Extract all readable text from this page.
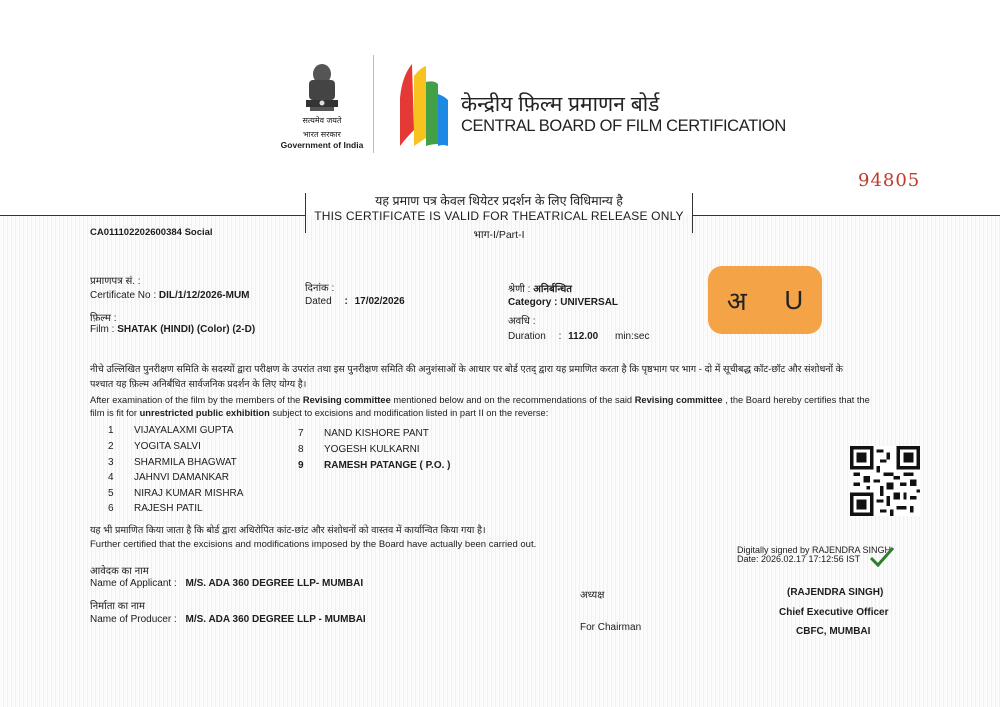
सत्यमेव जयते
भारत सरकार
Government of India
केन्द्रीय फ़िल्म प्रमाणन बोर्ड
CENTRAL BOARD OF FILM CERTIFICATION
94805
यह प्रमाण पत्र केवल थियेटर प्रदर्शन के लिए विधिमान्य है
THIS CERTIFICATE IS VALID FOR THEATRICAL RELEASE ONLY
भाग-I/Part-I
CA011102202600384 Social
प्रमाणपत्र सं. :
Certificate No : DIL/1/12/2026-MUM
फ़िल्म :
Film : SHATAK (HINDI) (Color) (2-D)
दिनांक :
Dated : 17/02/2026
श्रेणी : अनिर्बन्धित
Category : UNIVERSAL
अवधि :
Duration : 112.00 min:sec
अ U
नीचे उल्लिखित पुनरीक्षण समिति के सदस्यों द्वारा परीक्षण के उपरांत तथा इस पुनरीक्षण समिति की अनुशंसाओं के आधार पर बोर्ड एतद् द्वारा यह प्रमाणित करता है कि पृष्ठभाग पर भाग - दो में सूचीबद्ध कॉट-छॉट और संशोधनों के
पश्चात यह फ़िल्म अनिर्बंधित सार्वजनिक प्रदर्शन के लिए योग्य है।
After examination of the film by the members of the Revising committee mentioned below and on the recommendations of the said Revising committee , the Board hereby certifies that the
film is fit for unrestricted public exhibition subject to excisions and modification listed in part II on the reverse:
1 VIJAYALAXMI GUPTA
2 YOGITA SALVI
3 SHARMILA BHAGWAT
4 JAHNVI DAMANKAR
5 NIRAJ KUMAR MISHRA
6 RAJESH PATIL
7 NAND KISHORE PANT
8 YOGESH KULKARNI
9 RAMESH PATANGE ( P.O. )
यह भी प्रमाणित किया जाता है कि बोर्ड द्वारा अधिरोपित कांट-छांट और संशोधनों को वास्तव में कार्यान्वित किया गया है।
Further certified that the excisions and modifications imposed by the Board have actually been carried out.
आवेदक का नाम
Name of Applicant : M/S. ADA 360 DEGREE LLP- MUMBAI
निर्माता का नाम
Name of Producer : M/S. ADA 360 DEGREE LLP - MUMBAI
अध्यक्ष
For Chairman
Digitally signed by RAJENDRA SINGH
Date: 2026.02.17 17:12:56 IST
(RAJENDRA SINGH)
Chief Executive Officer
CBFC, MUMBAI
